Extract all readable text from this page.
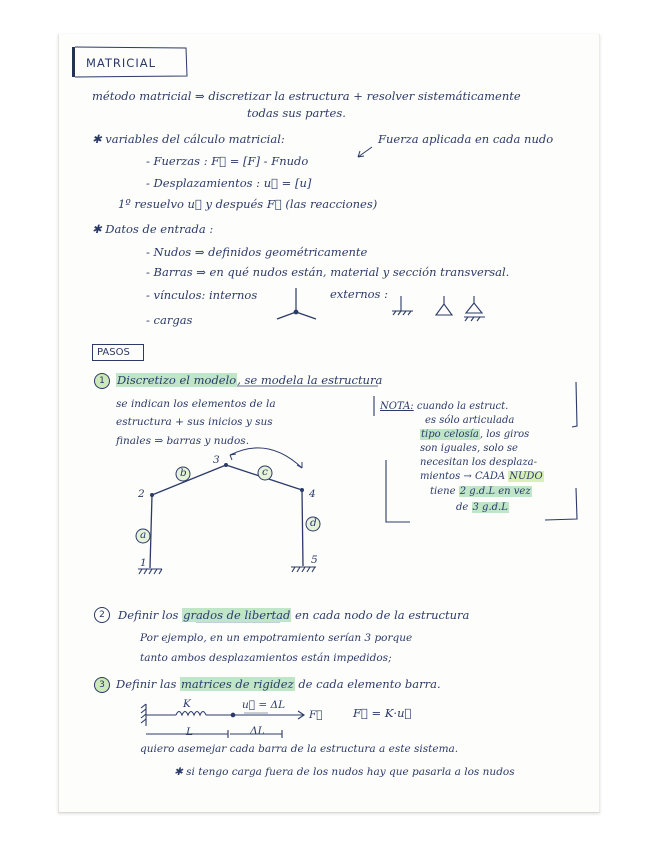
MATRICIAL
método matricial ⇒ discretizar la estructura + resolver sistemáticamente
todas sus partes.
✱ variables del cálculo matricial:	Fuerza aplicada en cada nudo
- Fuerzas : F⃗ = [F] - Fnudo
- Desplazamientos : u⃗ = [u]
1º resuelvo u⃗ y después F⃗ (las reacciones)
✱ Datos de entrada :
- Nudos ⇒ definidos geométricamente
- Barras ⇒ en qué nudos están, material y sección transversal.
- vínculos: internos	externos :
- cargas
PASOS
1	Discretizo el modelo, se modela la estructura
se indican los elementos de la
estructura + sus inicios y sus
finales ⇒ barras y nudos.
1
2
3
4
5
a
b	c
d
NOTA: cuando la estruct.
es sólo articulada
tipo celosía, los giros
son iguales, solo se
necesitan los desplaza-
mientos → CADA NUDO
tiene 2 g.d.L en vez
de 3 g.d.L
2	Definir los grados de libertad en cada nodo de la estructura
Por ejemplo, en un empotramiento serían 3 porque
tanto ambos desplazamientos están impedidos;
3 Definir las matrices de rigidez de cada elemento barra.
K	u⃗ = ΔL
F⃗
L	ΔL
F⃗ = K·u⃗
quiero asemejar cada barra de la estructura a este sistema.
✱ si tengo carga fuera de los nudos hay que pasarla a los nudos
